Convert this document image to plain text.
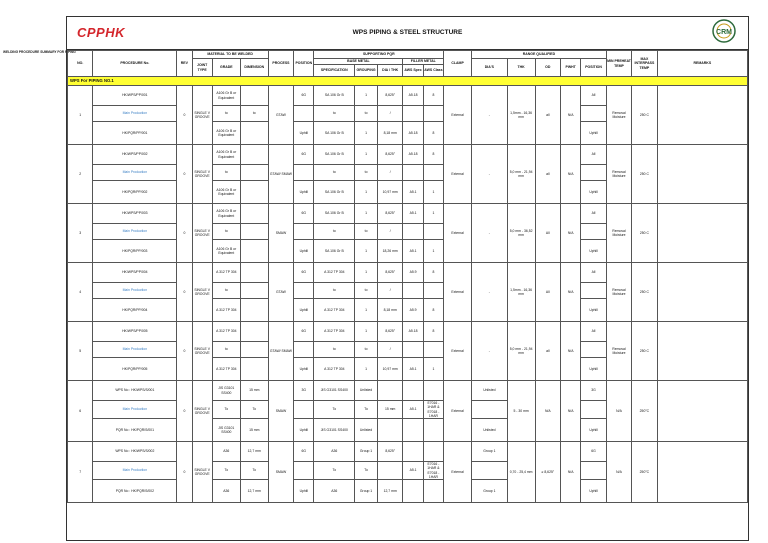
CPPHK	WPS PIPING & STEEL STRUCTURE	CRM
WELDING PROCEDURE SUMMARY FOR PIPING
NO.	PROCEDURE No.	REV	MATERIAL TO BE WELDED			PROCESS	POSITION	SUPPORTING PQR					CLAMP	RANGE QUALIFIED					MIN PREHEAT TEMP	MAX INTERPASS TEMP	REMARKS
			JOINT TYPE	GRADE	DIMENSION			BASE METAL			FILLER METAL			DIA'S	THK	OD	PWHT	POSITION			
								SPECIFICATION	GROUPING	DIA / THK	AWS Spec	AWS Class									
WPS For PIPING NO.1																					
1	HK/WPS/PP/001	0	SINGLE V GROOVE	A106 Gr B or Equivalent		GTAW	6G	SA 106 Gr B	1	8,625"	A5.18	8	External	-	1,5mm - 16,36 mm	all	N/A	All	Removal Moisture	250 C	
	Main Production			to	to			to	to	/											
	HK/PQR/PP/001			A106 Gr B or Equivalent			Uphill	SA 106 Gr B	1	8,18 mm	A5.18	8						Uphill			
2	HK/WPS/PP/002	0	SINGLE V GROOVE	A106 Gr B or Equivalent		GTAW/ SMAW	6G	SA 106 Gr B	1	8,625"	A5.18	8	External	-	5,0 mm - 21,94 mm	all	N/A	All	Removal Moisture	250 C	
	Main Production			to				to	to	/											
	HK/PQR/PP/002			A106 Gr B or Equivalent			Uphill	SA 106 Gr B	1	10,97 mm	A5.1	1						Uphill			
3	HK/WPS/PP/003	0	SINGLE V GROOVE	A106 Gr B or Equivalent		SMAW	6G	SA 106 Gr B	1	8,625"	A5.1	1	External	-	5,0 mm - 36,52 mm	All	N/A	All	Removal Moisture	250 C	
	Main Production			to				to	to	/											
	HK/PQR/PP/003			A106 Gr B or Equivalent			Uphill	SA 106 Gr B	1	18,26 mm	A5.1	1						Uphill			
4	HK/WPS/PP/004	0	SINGLE V GROOVE	A 312 TP 304		GTAW	6G	A 312 TP 304	1	8,625"	A5.9	8	External	-	1,5mm - 16,36 mm	All	N/A	All	Removal Moisture	250 C	
	Main Production			to				to	to	/											
	HK/PQR/PP/004			A 312 TP 304			Uphill	A 312 TP 304	1	8,18 mm	A5.9	8						Uphill			
5	HK/WPS/PP/005	0	SINGLE V GROOVE	A 312 TP 304		GTAW/ SMAW	6G	A 312 TP 304	1	8,625"	A5.18	8	External	-	5,0 mm - 21,94 mm	all	N/A	All	Removal Moisture	250 C	
	Main Production			to				to	to	/											
	HK/PQR/PP/005			A 312 TP 304			Uphill	A 312 TP 304	1	10,97 mm	A5.1	1						Uphill			
6	WPS No : HK/WPS/S/001	0	SINGLE V GROOVE	JIS G3101 SS400	15 mm	SMAW	3G	JIS G3101 SS400	Unlisted				External	Unlisted	5 - 30 mm	N/A	N/A	3G	N/A	250°C	
	Main Production			To	To			To	To	15 mm	A5.1	E7016 - 1HAR & E7018 - 1HAR									
	PQR No : HK/PQR/S/001			JIS G3101 SS400	15 mm		Uphill	JIS G3101 SS400	Unlisted					Unlisted				Uphill			
7	WPS No : HK/WPS/S/002	0	SINGLE V GROOVE	A36	12,7 mm	SMAW	6G	A36	Group 1	8,625"			External	Group 1	0,70 - 25,4 mm	≥ 8,625"	N/A	6G	N/A	250°C	
	Main Production			To	To			To	To		A5.1	E7016 - 1HAR & E7018 - 1HAR									
	PQR No : HK/PQR/S/002			A36	12,7 mm		Uphill	A36	Group 1	12,7 mm				Group 1				Uphill			
